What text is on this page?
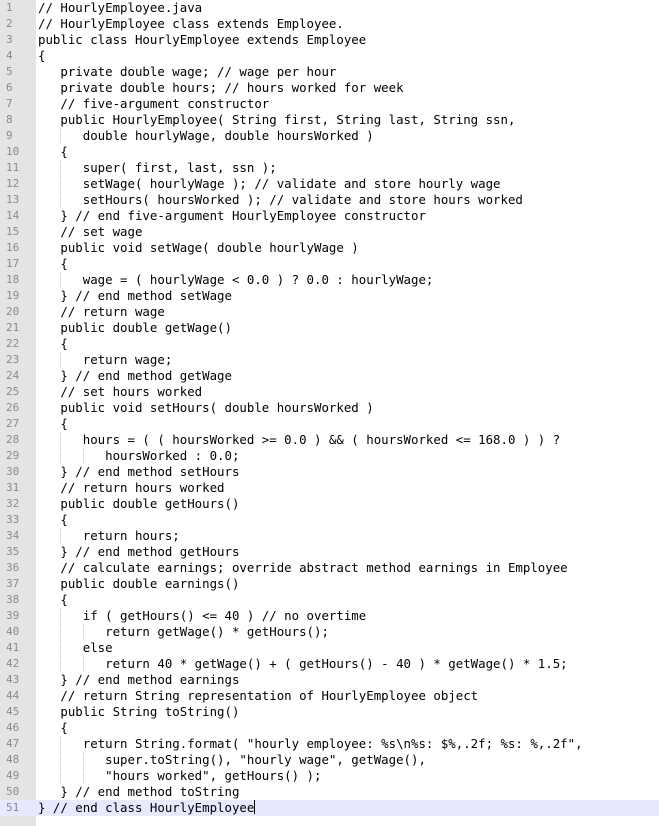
1	// HourlyEmployee.java
2	// HourlyEmployee class extends Employee.
3	public class HourlyEmployee extends Employee
4	{
5	private double wage; // wage per hour
6	private double hours; // hours worked for week
7	// five-argument constructor
8	public HourlyEmployee( String first, String last, String ssn,
9	double hourlyWage, double hoursWorked )
10	{
11	super( first, last, ssn );
12	setWage( hourlyWage ); // validate and store hourly wage
13	setHours( hoursWorked ); // validate and store hours worked
14	} // end five-argument HourlyEmployee constructor
15	// set wage
16	public void setWage( double hourlyWage )
17	{
18	wage = ( hourlyWage < 0.0 ) ? 0.0 : hourlyWage;
19	} // end method setWage
20	// return wage
21	public double getWage()
22	{
23	return wage;
24	} // end method getWage
25	// set hours worked
26	public void setHours( double hoursWorked )
27	{
28	hours = ( ( hoursWorked >= 0.0 ) && ( hoursWorked <= 168.0 ) ) ?
29	hoursWorked : 0.0;
30	} // end method setHours
31	// return hours worked
32	public double getHours()
33	{
34	return hours;
35	} // end method getHours
36	// calculate earnings; override abstract method earnings in Employee
37	public double earnings()
38	{
39	if ( getHours() <= 40 ) // no overtime
40	return getWage() * getHours();
41	else
42	return 40 * getWage() + ( getHours() - 40 ) * getWage() * 1.5;
43	} // end method earnings
44	// return String representation of HourlyEmployee object
45	public String toString()
46	{
47	return String.format( "hourly employee: %s\n%s: $%,.2f; %s: %,.2f",
48	super.toString(), "hourly wage", getWage(),
49	"hours worked", getHours() );
50	} // end method toString
51	} // end class HourlyEmployee
